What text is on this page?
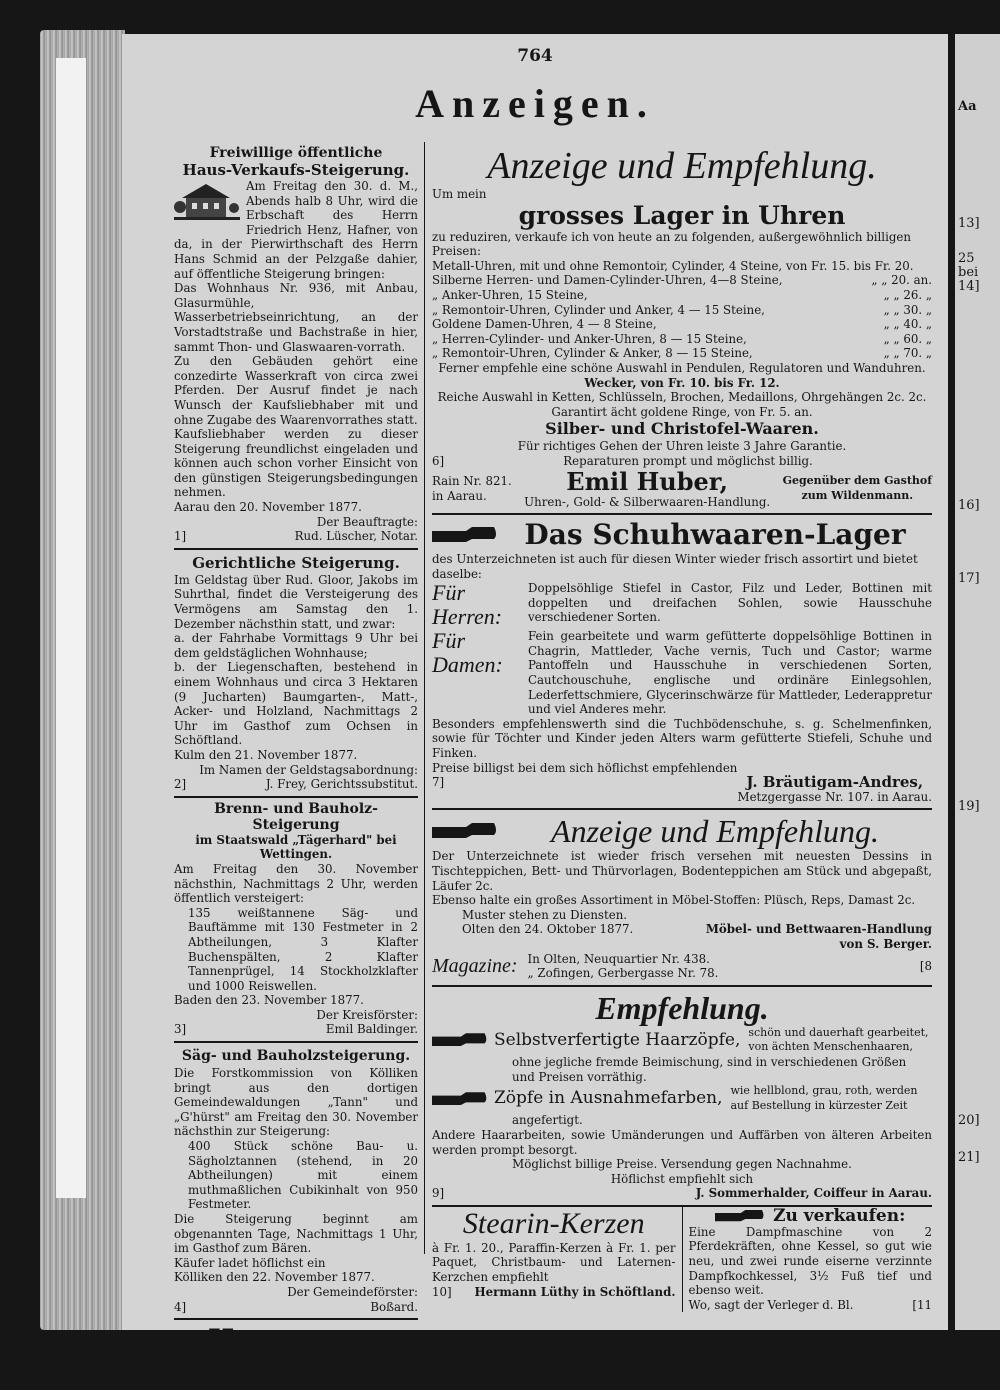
Aa
13]
25
bei
14]
16]
17]
19]
20]
21]
764
Anzeigen.
Freiwillige öffentliche
Haus-Verkaufs-Steigerung.
Am Freitag den 30. d. M., Abends halb 8 Uhr, wird die Erbschaft des Herrn Friedrich Henz, Hafner, von da, in der Pierwirthschaft des Herrn Hans Schmid an der Pelzgaße dahier, auf öffentliche Steigerung bringen:
Das Wohnhaus Nr. 936, mit Anbau, Glasurmühle, Wasserbetriebseinrichtung, an der Vorstadtstraße und Bachstraße in hier, sammt Thon- und Glaswaaren-vorrath.
Zu den Gebäuden gehört eine conzedirte Wasserkraft von circa zwei Pferden. Der Ausruf findet je nach Wunsch der Kaufsliebhaber mit und ohne Zugabe des Waarenvorrathes statt.
Kaufsliebhaber werden zu dieser Steigerung freundlichst eingeladen und können auch schon vorher Einsicht von den günstigen Steigerungsbedingungen nehmen.
Aarau den 20. November 1877.
Der Beauftragte:
1]	Rud. Lüscher, Notar.
Gerichtliche Steigerung.
Im Geldstag über Rud. Gloor, Jakobs im Suhrthal, findet die Versteigerung des Vermögens am Samstag den 1. Dezember nächsthin statt, und zwar:
a. der Fahrhabe Vormittags 9 Uhr bei dem geldstäglichen Wohnhause;
b. der Liegenschaften, bestehend in einem Wohnhaus und circa 3 Hektaren (9 Jucharten) Baumgarten-, Matt-, Acker- und Holzland, Nachmittags 2 Uhr im Gasthof zum Ochsen in Schöftland.
Kulm den 21. November 1877.
Im Namen der Geldstagsabordnung:
2]	J. Frey, Gerichtssubstitut.
Brenn- und Bauholz-
Steigerung
im Staatswald „Tägerhard" bei Wettingen.
Am Freitag den 30. November nächsthin, Nachmittags 2 Uhr, werden öffentlich versteigert:
135 weißtannene Säg- und Bauftämme mit 130 Festmeter in 2 Abtheilungen, 3 Klafter Buchenspälten, 2 Klafter Tannenprügel, 14 Stockholzklafter und 1000 Reiswellen.
Baden den 23. November 1877.
Der Kreisförster:
3]	Emil Baldinger.
Säg- und Bauholzsteigerung.
Die Forstkommission von Kölliken bringt aus den dortigen Gemeindewaldungen „Tann" und „G'hürst" am Freitag den 30. November nächsthin zur Steigerung:
400 Stück schöne Bau- u. Sägholztannen (stehend, in 20 Abtheilungen) mit einem muthmaßlichen Cubikinhalt von 950 Festmeter.
Die Steigerung beginnt am obgenannten Tage, Nachmittags 1 Uhr, im Gasthof zum Bären.
Käufer ladet höflichst ein
Kölliken den 22. November 1877.
Der Gemeindeförster:
4]	Boßard.
Heumesser
per Stück à 3 bis 4 Fr. empfiehlt
5]	Hermann Lüthy in Schöftland.
Anzeige und Empfehlung.
Um mein
grosses Lager in Uhren
zu reduziren, verkaufe ich von heute an zu folgenden, außergewöhnlich billigen Preisen:
Metall-Uhren, mit und ohne Remontoir, Cylinder, 4 Steine, von Fr. 15. bis Fr. 20.
Silberne Herren- und Damen-Cylinder-Uhren, 4—8 Steine,	„ „ 20. an.
„ Anker-Uhren, 15 Steine,	„ „ 26. „
„ Remontoir-Uhren, Cylinder und Anker, 4 — 15 Steine,	„ „ 30. „
Goldene Damen-Uhren, 4 — 8 Steine,	„ „ 40. „
„ Herren-Cylinder- und Anker-Uhren, 8 — 15 Steine,	„ „ 60. „
„ Remontoir-Uhren, Cylinder & Anker, 8 — 15 Steine,	„ „ 70. „
Ferner empfehle eine schöne Auswahl in Pendulen, Regulatoren und Wanduhren.
Wecker, von Fr. 10. bis Fr. 12.
Reiche Auswahl in Ketten, Schlüsseln, Brochen, Medaillons, Ohrgehängen 2c. 2c.
Garantirt ächt goldene Ringe, von Fr. 5. an.
Silber- und Christofel-Waaren.
Für richtiges Gehen der Uhren leiste 3 Jahre Garantie.
6]	Reparaturen prompt und möglichst billig.
Rain Nr. 821.
in Aarau.
Emil Huber,
Uhren-, Gold- & Silberwaaren-Handlung.
Gegenüber dem Gasthof
zum Wildenmann.
Das Schuhwaaren-Lager
des Unterzeichneten ist auch für diesen Winter wieder frisch assortirt und bietet daselbe:
Für Herren:
Doppelsöhlige Stiefel in Castor, Filz und Leder, Bottinen mit doppelten und dreifachen Sohlen, sowie Hausschuhe verschiedener Sorten.
Für Damen:
Fein gearbeitete und warm gefütterte doppelsöhlige Bottinen in Chagrin, Mattleder, Vache vernis, Tuch und Castor; warme Pantoffeln und Hausschuhe in verschiedenen Sorten, Cautchouschuhe, englische und ordinäre Einlegsohlen, Lederfettschmiere, Glycerinschwärze für Mattleder, Lederappretur und viel Anderes mehr.
Besonders empfehlenswerth sind die Tuchbödenschuhe, s. g. Schelmenfinken, sowie für Töchter und Kinder jeden Alters warm gefütterte Stiefeli, Schuhe und Finken.
Preise billigst bei dem sich höflichst empfehlenden
7]	J. Bräutigam-Andres,
Metzgergasse Nr. 107. in Aarau.
Anzeige und Empfehlung.
Der Unterzeichnete ist wieder frisch versehen mit neuesten Dessins in Tischteppichen, Bett- und Thürvorlagen, Bodenteppichen am Stück und abgepaßt, Läufer 2c.
Ebenso halte ein großes Assortiment in Möbel-Stoffen: Plüsch, Reps, Damast 2c.
Muster stehen zu Diensten.
Olten den 24. Oktober 1877.	Möbel- und Bettwaaren-Handlung
von S. Berger.
Magazine: In Olten, Neuquartier Nr. 438.
„ Zofingen, Gerbergasse Nr. 78.
[8
Empfehlung.
Selbstverfertigte Haarzöpfe, schön und dauerhaft gearbeitet, von ächten Menschenhaaren,
ohne jegliche fremde Beimischung, sind in verschiedenen Größen und Preisen vorräthig.
Zöpfe in Ausnahmefarben, wie hellblond, grau, roth, werden auf Bestellung in kürzester Zeit
angefertigt.
Andere Haararbeiten, sowie Umänderungen und Auffärben von älteren Arbeiten werden prompt besorgt.
Möglichst billige Preise. Versendung gegen Nachnahme.
Höflichst empfiehlt sich
9]	J. Sommerhalder, Coiffeur in Aarau.
Stearin-Kerzen
à Fr. 1. 20., Paraffin-Kerzen à Fr. 1. per Paquet, Christbaum- und Laternen-Kerzchen empfiehlt
10] Hermann Lüthy in Schöftland.
Zu verkaufen:
Eine Dampfmaschine von 2 Pferdekräften, ohne Kessel, so gut wie neu, und zwei runde eiserne verzinnte Dampfkochkessel, 3½ Fuß tief und ebenso weit.
Wo, sagt der Verleger d. Bl.	[11
